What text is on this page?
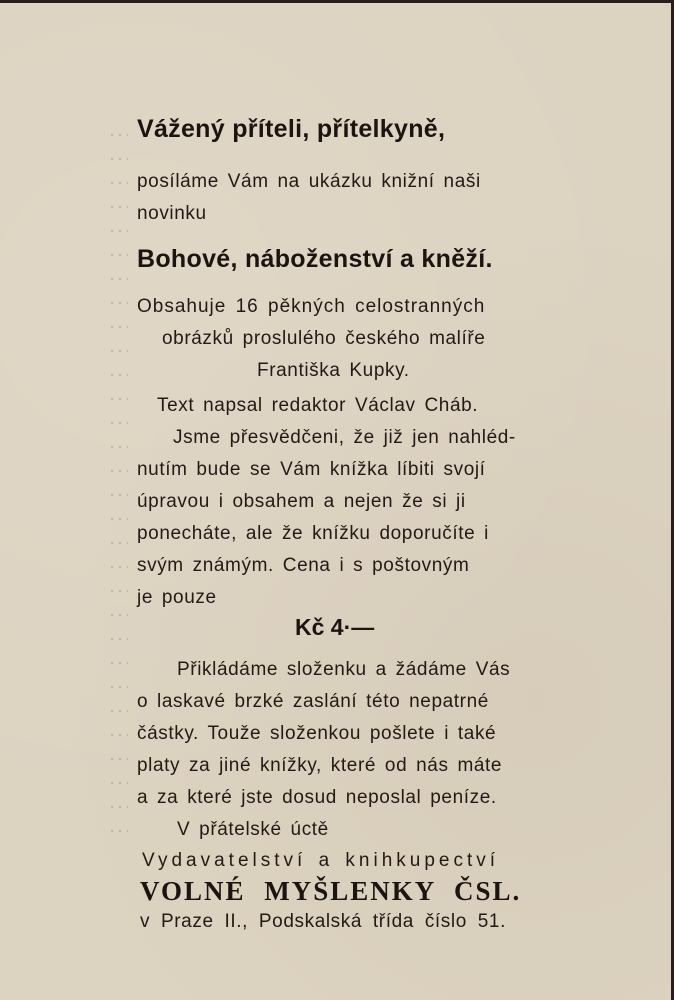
Vážený příteli, přítelkyně,
posíláme Vám na ukázku knižní naši
novinku
Bohové, náboženství a kněží.
Obsahuje 16 pěkných celostranných
obrázků proslulého českého malíře
Františka Kupky.
Text napsal redaktor Václav Cháb.
Jsme přesvědčeni, že již jen nahléd-
nutím bude se Vám knížka líbiti svojí
úpravou i obsahem a nejen že si ji
ponecháte, ale že knížku doporučíte i
svým známým. Cena i s poštovným
je pouze
Kč 4·—
Přikládáme složenku a žádáme Vás
o laskavé brzké zaslání této nepatrné
částky. Touže složenkou pošlete i také
platy za jiné knížky, které od nás máte
a za které jste dosud neposlal peníze.
V přátelské úctě
Vydavatelství a knihkupectví
VOLNÉ MYŠLENKY ČSL.
v Praze II., Podskalská třída číslo 51.
